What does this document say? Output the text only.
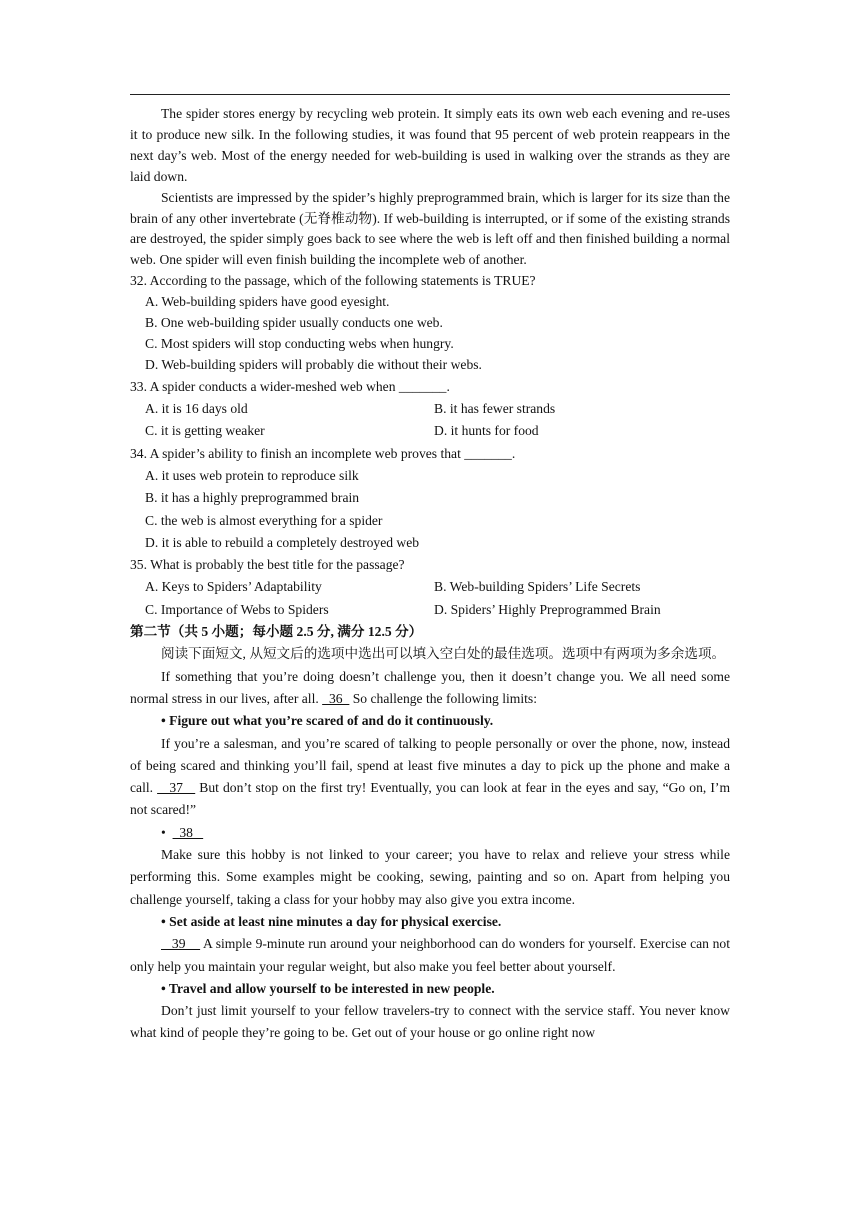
The spider stores energy by recycling web protein. It simply eats its own web each evening and re-uses it to produce new silk. In the following studies, it was found that 95 percent of web protein reappears in the next day’s web. Most of the energy needed for web-building is used in walking over the strands as they are laid down.

Scientists are impressed by the spider’s highly preprogrammed brain, which is larger for its size than the brain of any other invertebrate (无脊椎动物). If web-building is interrupted, or if some of the existing strands are destroyed, the spider simply goes back to see where the web is left off and then finished building a normal web. One spider will even finish building the incomplete web of another.

32. According to the passage, which of the following statements is TRUE?

A. Web-building spiders have good eyesight.

B. One web-building spider usually conducts one web.

C. Most spiders will stop conducting webs when hungry.

D. Web-building spiders will probably die without their webs.

33. A spider conducts a wider-meshed web when _______.

A. it is 16 days old	B. it has fewer strands
C. it is getting weaker	D. it hunts for food

34. A spider’s ability to finish an incomplete web proves that _______.

A. it uses web protein to reproduce silk

B. it has a highly preprogrammed brain

C. the web is almost everything for a spider

D. it is able to rebuild a completely destroyed web

35. What is probably the best title for the passage?

A. Keys to Spiders’ Adaptability	B. Web-building Spiders’ Life Secrets
C. Importance of Webs to Spiders	D. Spiders’ Highly Preprogrammed Brain

第二节（共 5 小题；每小题 2.5 分, 满分 12.5 分）

阅读下面短文, 从短文后的选项中选出可以填入空白处的最佳选项。选项中有两项为多余选项。

If something that you’re doing doesn’t challenge you, then it doesn’t change you. We all need some normal stress in our lives, after all.   36   So challenge the following limits:

• Figure out what you’re scared of and do it continuously.

If you’re a salesman, and you’re scared of talking to people personally or over the phone, now, instead of being scared and thinking you’ll fail, spend at least five minutes a day to pick up the phone and make a call.    37    But don’t stop on the first try! Eventually, you can look at fear in the eyes and say, “Go on, I’m not scared!”

•    38

Make sure this hobby is not linked to your career; you have to relax and relieve your stress while performing this. Some examples might be cooking, sewing, painting and so on. Apart from helping you challenge yourself, taking a class for your hobby may also give you extra income.

• Set aside at least nine minutes a day for physical exercise.

39     A simple 9-minute run around your neighborhood can do wonders for yourself. Exercise can not only help you maintain your regular weight, but also make you feel better about yourself.

• Travel and allow yourself to be interested in new people.

Don’t just limit yourself to your fellow travelers-try to connect with the service staff. You never know what kind of people they’re going to be. Get out of your house or go online right now
